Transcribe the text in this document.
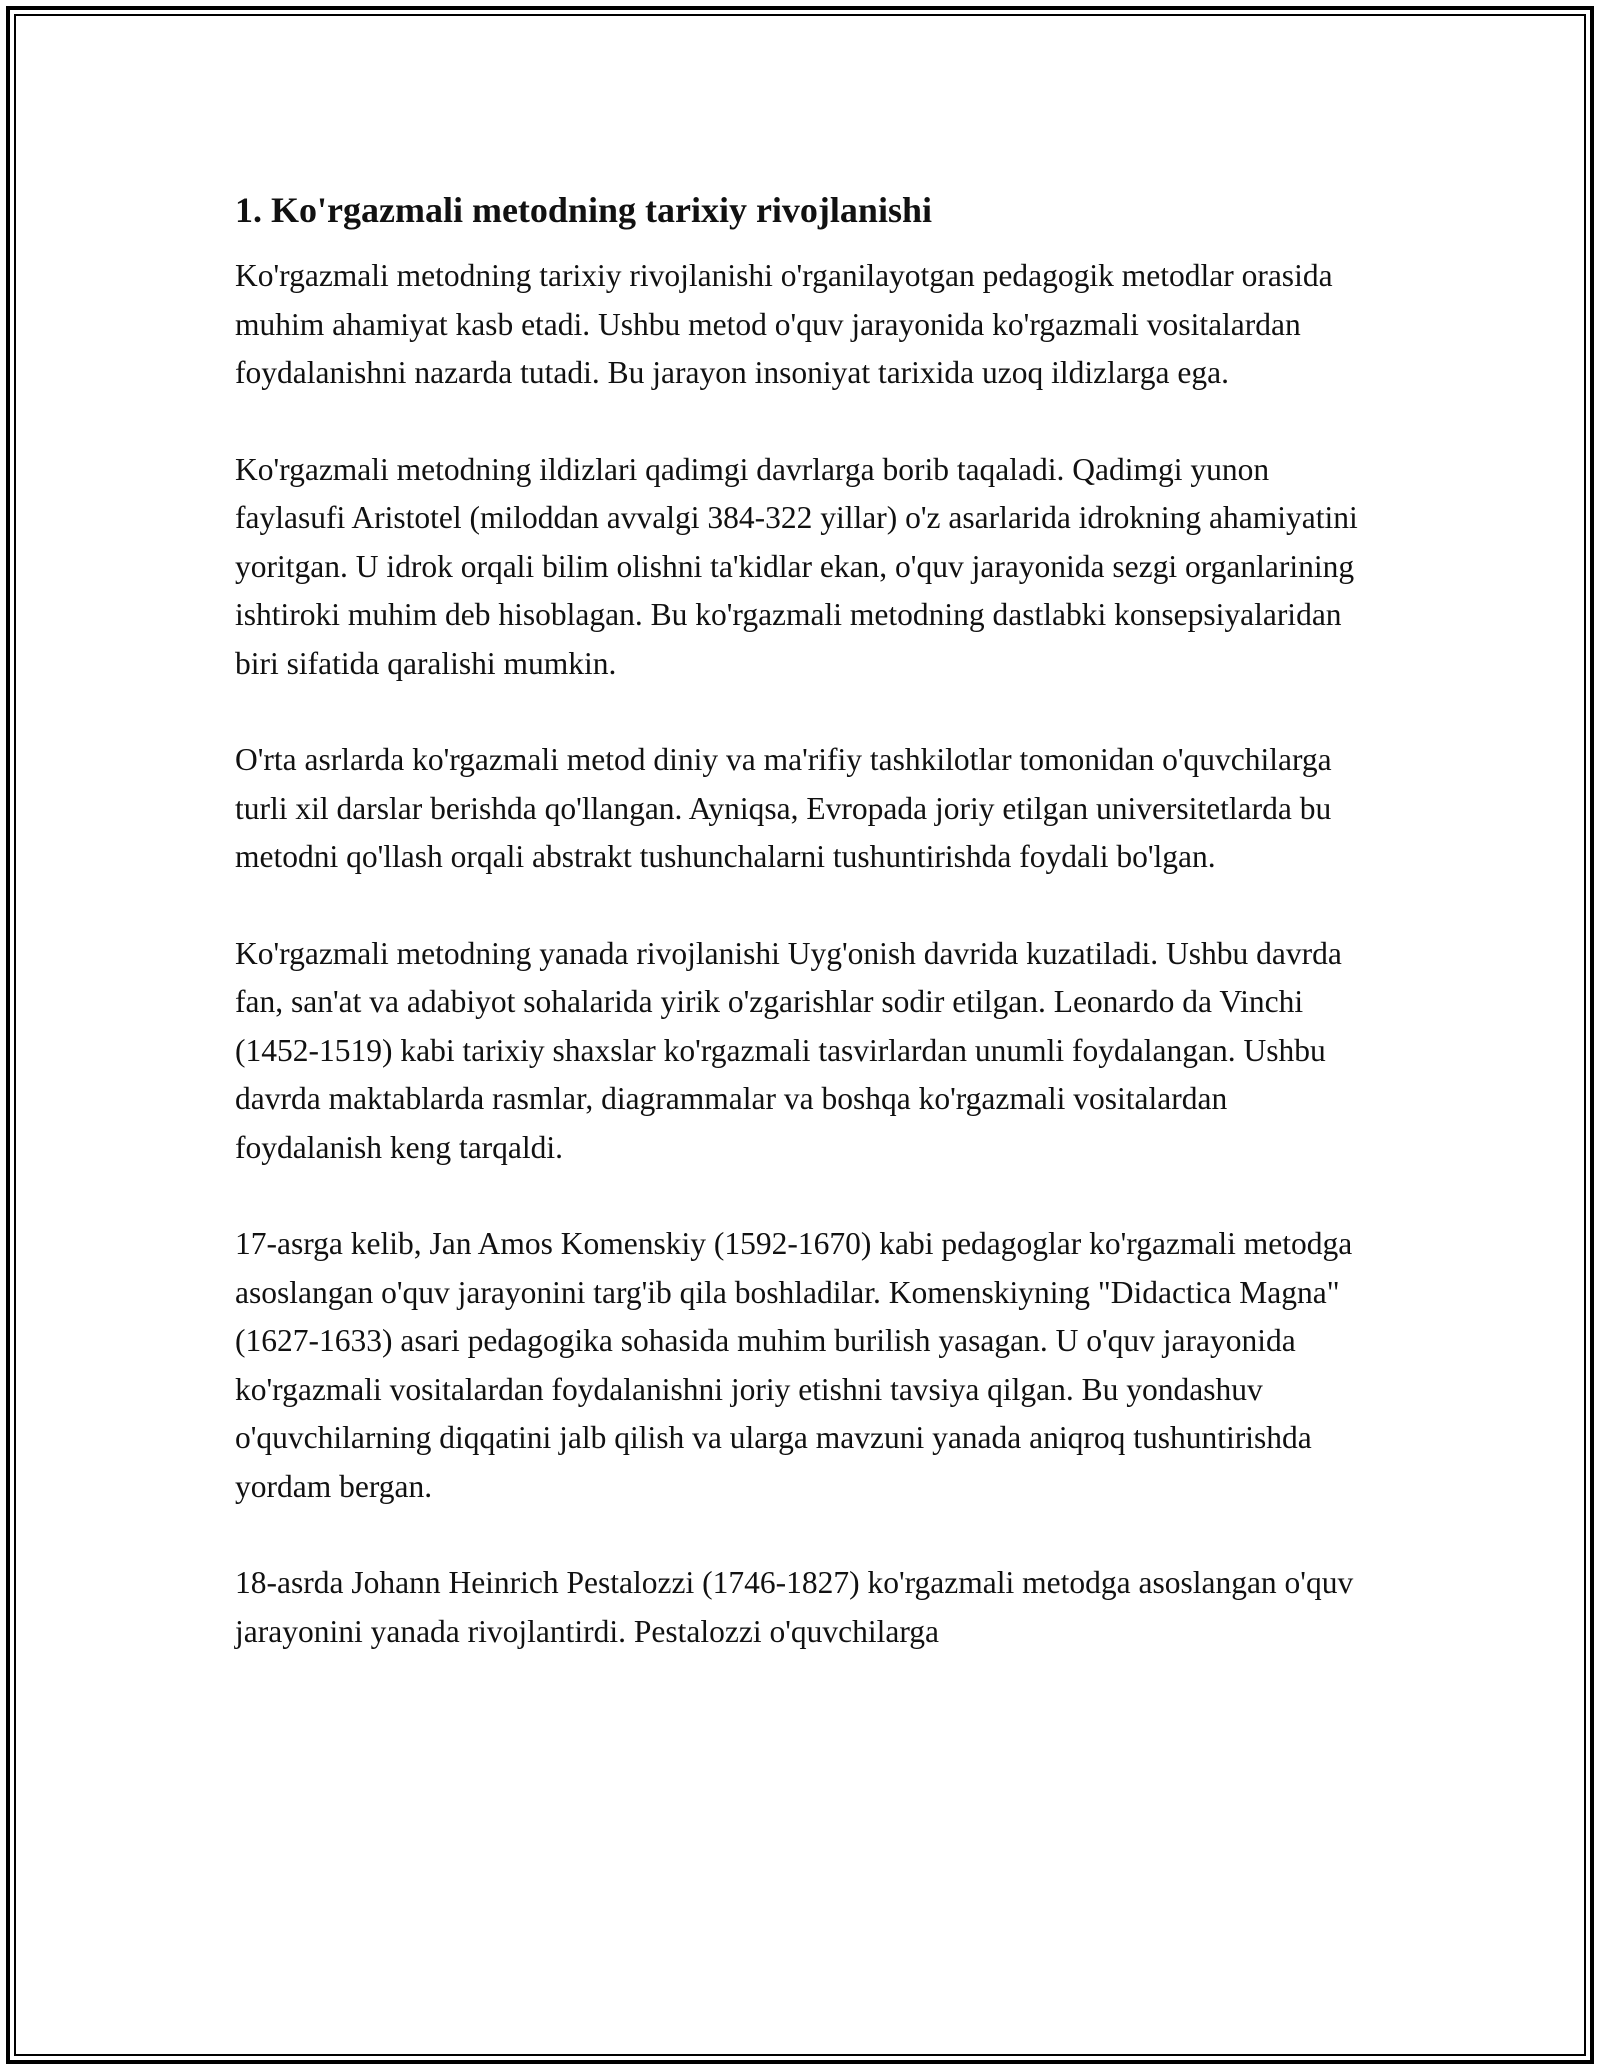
1. Ko'rgazmali metodning tarixiy rivojlanishi

Ko'rgazmali metodning tarixiy rivojlanishi o'rganilayotgan pedagogik metodlar orasida muhim ahamiyat kasb etadi. Ushbu metod o'quv jarayonida ko'rgazmali vositalardan foydalanishni nazarda tutadi. Bu jarayon insoniyat tarixida uzoq ildizlarga ega.

Ko'rgazmali metodning ildizlari qadimgi davrlarga borib taqaladi. Qadimgi yunon faylasufi Aristotel (miloddan avvalgi 384-322 yillar) o'z asarlarida idrokning ahamiyatini yoritgan. U idrok orqali bilim olishni ta'kidlar ekan, o'quv jarayonida sezgi organlarining ishtiroki muhim deb hisoblagan. Bu ko'rgazmali metodning dastlabki konsepsiyalaridan biri sifatida qaralishi mumkin.

O'rta asrlarda ko'rgazmali metod diniy va ma'rifiy tashkilotlar tomonidan o'quvchilarga turli xil darslar berishda qo'llangan. Ayniqsa, Evropada joriy etilgan universitetlarda bu metodni qo'llash orqali abstrakt tushunchalarni tushuntirishda foydali bo'lgan.

Ko'rgazmali metodning yanada rivojlanishi Uyg'onish davrida kuzatiladi. Ushbu davrda fan, san'at va adabiyot sohalarida yirik o'zgarishlar sodir etilgan. Leonardo da Vinchi (1452-1519) kabi tarixiy shaxslar ko'rgazmali tasvirlardan unumli foydalangan. Ushbu davrda maktablarda rasmlar, diagrammalar va boshqa ko'rgazmali vositalardan foydalanish keng tarqaldi.

17-asrga kelib, Jan Amos Komenskiy (1592-1670) kabi pedagoglar ko'rgazmali metodga asoslangan o'quv jarayonini targ'ib qila boshladilar. Komenskiyning "Didactica Magna" (1627-1633) asari pedagogika sohasida muhim burilish yasagan. U o'quv jarayonida ko'rgazmali vositalardan foydalanishni joriy etishni tavsiya qilgan. Bu yondashuv o'quvchilarning diqqatini jalb qilish va ularga mavzuni yanada aniqroq tushuntirishda yordam bergan.

18-asrda Johann Heinrich Pestalozzi (1746-1827) ko'rgazmali metodga asoslangan o'quv jarayonini yanada rivojlantirdi. Pestalozzi o'quvchilarga
